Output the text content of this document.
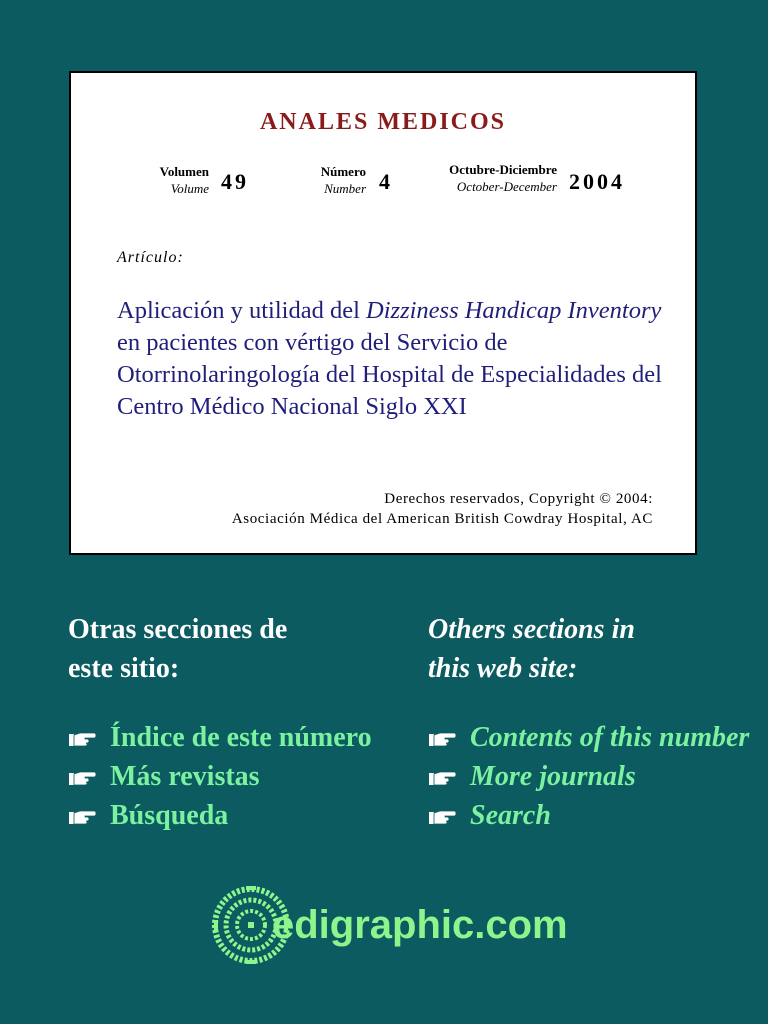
ANALES MEDICOS
Volumen
Volume 49	Número
Number 4	Octubre-Diciembre
October-December 2004
Artículo:
Aplicación y utilidad del Dizziness Handicap Inventory en pacientes con vértigo del Servicio de Otorrinolaringología del Hospital de Especialidades del Centro Médico Nacional Siglo XXI
Derechos reservados, Copyright © 2004:
Asociación Médica del American British Cowdray Hospital, AC
Otras secciones de
este sitio:
Índice de este número
Más revistas
Búsqueda
Others sections in
this web site:
Contents of this number
More journals
Search
edigraphic.com
